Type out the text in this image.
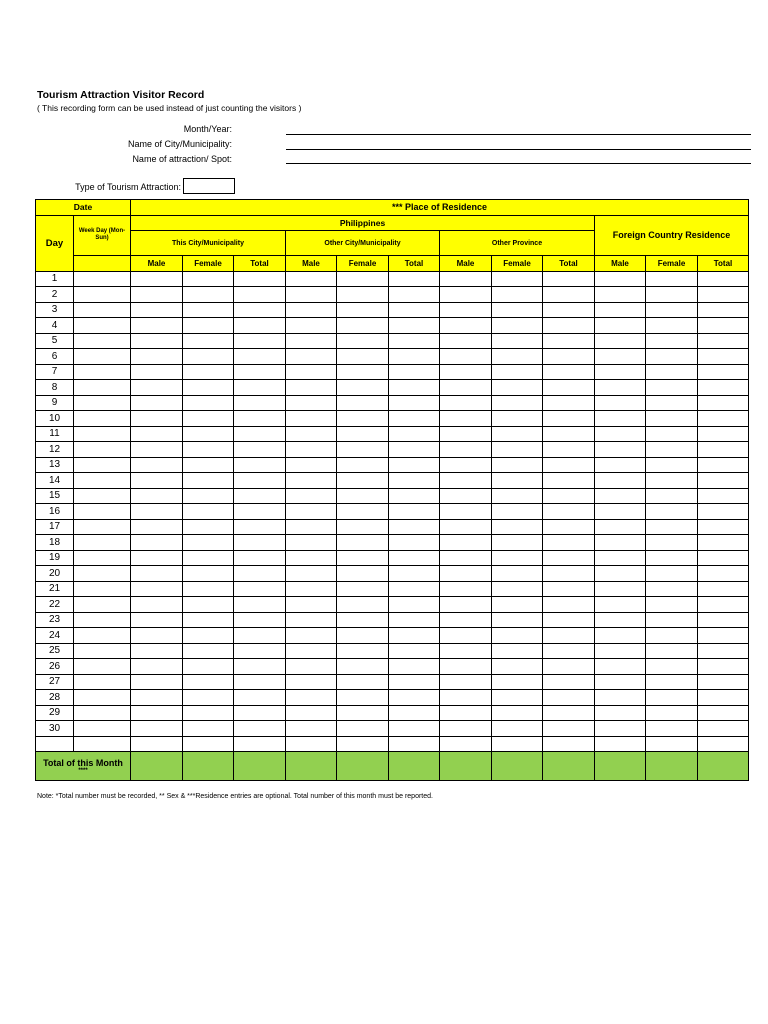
Tourism Attraction Visitor Record
( This recording form can be used instead of just counting the visitors )
Month/Year:
Name of City/Municipality:
Name of attraction/ Spot:
Type of Tourism Attraction:
Date		*** Place of Residence											
Day	Week Day (Mon-Sun)	Philippines									Foreign Country Residence		
		This City/Municipality			Other City/Municipality			Other Province					
		Male	Female	Total	Male	Female	Total	Male	Female	Total	Male	Female	Total
1													
2													
3													
4													
5													
6													
7													
8													
9													
10													
11													
12													
13													
14													
15													
16													
17													
18													
19													
20													
21													
22													
23													
24													
25													
26													
27													
28													
29													
30													

Total of this Month
****													

Note: *Total number must be recorded, ** Sex & ***Residence entries are optional. Total number of this month must be reported.
